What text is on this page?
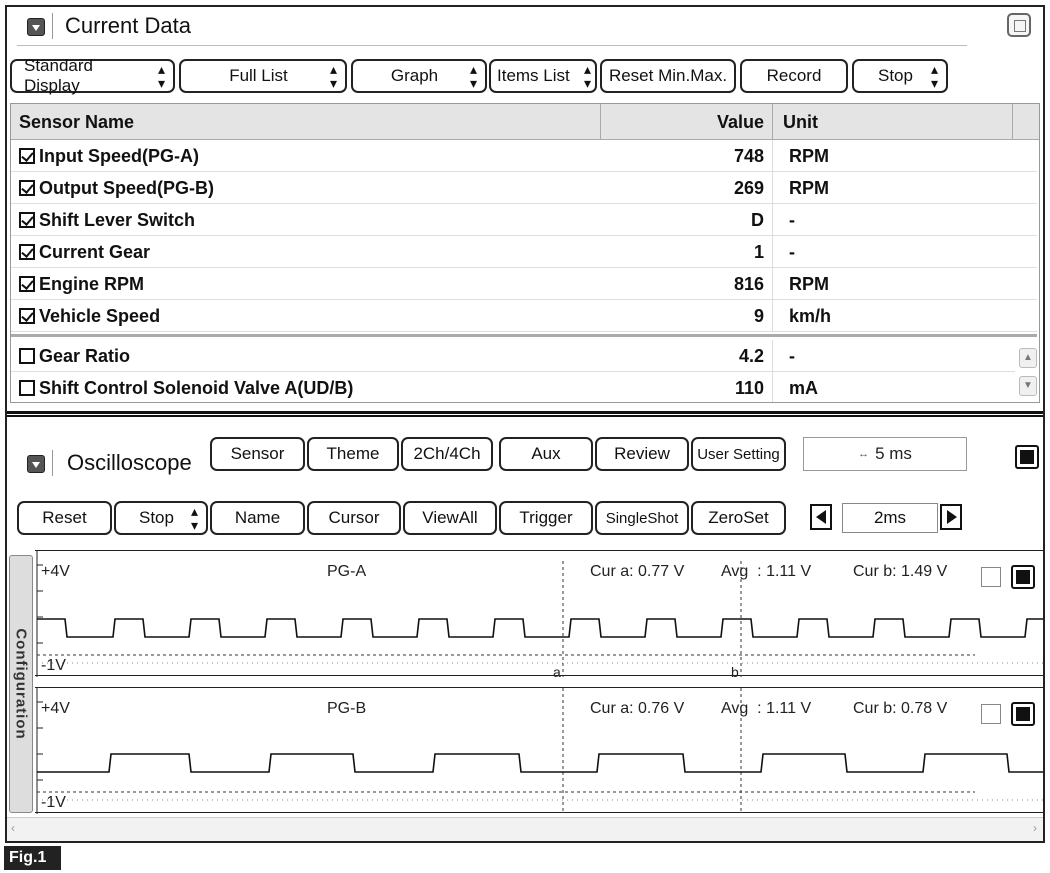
Current Data
Standard Display
▴
▾	Full List	▴
▾	Graph	▴
▾ Items List ▴
▾	Reset Min.Max.	Record	Stop	▴
▾
Sensor Name	Value	Unit
Input Speed(PG-A)	748	RPM
Output Speed(PG-B)	269	RPM
Shift Lever Switch	D	-
Current Gear	1	-
Engine RPM	816	RPM
Vehicle Speed	9	km/h
Gear Ratio	4.2	-
Shift Control Solenoid Valve A(UD/B)	110	mA
▲
▼
Oscilloscope	Sensor	Theme	2Ch/4Ch	Aux	Review	User Setting	↔ 5 ms
Reset	Stop	▴
▾	Name	Cursor	ViewAll	Trigger	SingleShot	ZeroSet	2ms
Configuration
+4V	PG-A	Cur a: 0.77 V Avg  : 1.11 V	Cur b: 1.49 V
-1V	a	b
+4V	PG-B	Cur a: 0.76 V Avg  : 1.11 V	Cur b: 0.78 V
-1V
‹	›
Fig.1
